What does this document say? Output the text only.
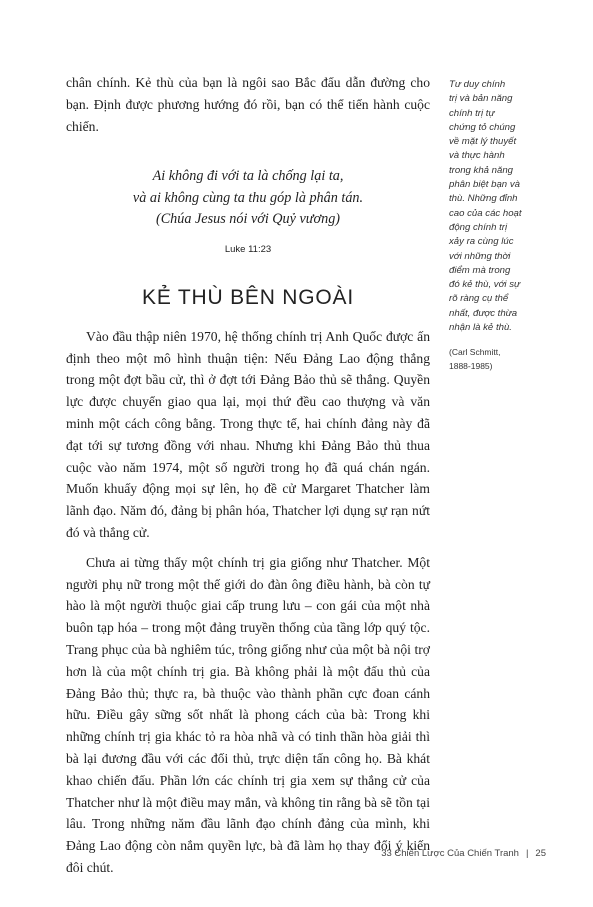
chân chính. Kẻ thù của bạn là ngôi sao Bắc đẩu dẫn đường cho bạn. Định được phương hướng đó rồi, bạn có thể tiến hành cuộc chiến.

Ai không đi với ta là chống lại ta,
và ai không cùng ta thu góp là phân tán.
(Chúa Jesus nói với Quỷ vương)
Luke 11:23
KẺ THÙ BÊN NGOÀI

Vào đầu thập niên 1970, hệ thống chính trị Anh Quốc được ấn định theo một mô hình thuận tiện: Nếu Đảng Lao động thắng trong một đợt bầu cử, thì ở đợt tới Đảng Bảo thủ sẽ thắng. Quyền lực được chuyển giao qua lại, mọi thứ đều cao thượng và văn minh một cách công bằng. Trong thực tế, hai chính đảng này đã đạt tới sự tương đồng với nhau. Nhưng khi Đảng Bảo thủ thua cuộc vào năm 1974, một số người trong họ đã quá chán ngán. Muốn khuấy động mọi sự lên, họ đề cử Margaret Thatcher làm lãnh đạo. Năm đó, đảng bị phân hóa, Thatcher lợi dụng sự rạn nứt đó và thắng cử.

Chưa ai từng thấy một chính trị gia giống như Thatcher. Một người phụ nữ trong một thế giới do đàn ông điều hành, bà còn tự hào là một người thuộc giai cấp trung lưu – con gái của một nhà buôn tạp hóa – trong một đảng truyền thống của tầng lớp quý tộc. Trang phục của bà nghiêm túc, trông giống như của một bà nội trợ hơn là của một chính trị gia. Bà không phải là một đấu thủ của Đảng Bảo thủ; thực ra, bà thuộc vào thành phần cực đoan cánh hữu. Điều gây sững sốt nhất là phong cách của bà: Trong khi những chính trị gia khác tỏ ra hòa nhã và có tinh thần hòa giải thì bà lại đương đầu với các đối thủ, trực diện tấn công họ. Bà khát khao chiến đấu. Phần lớn các chính trị gia xem sự thắng cử của Thatcher như là một điều may mắn, và không tin rằng bà sẽ tồn tại lâu. Trong những năm đầu lãnh đạo chính đảng của mình, khi Đảng Lao động còn nắm quyền lực, bà đã làm họ thay đổi ý kiến đôi chút.

Tư duy chính
trị và bản năng
chính trị tự
chứng tỏ chúng
về mặt lý thuyết
và thực hành
trong khả năng
phân biệt bạn và
thù. Những đỉnh
cao của các hoạt
động chính trị
xảy ra cùng lúc
với những thời
điểm mà trong
đó kẻ thù, với sự
rõ ràng cụ thể
nhất, được thừa
nhận là kẻ thù.
(Carl Schmitt,
1888-1985)
33 Chiến Lược Của Chiến Tranh | 25
